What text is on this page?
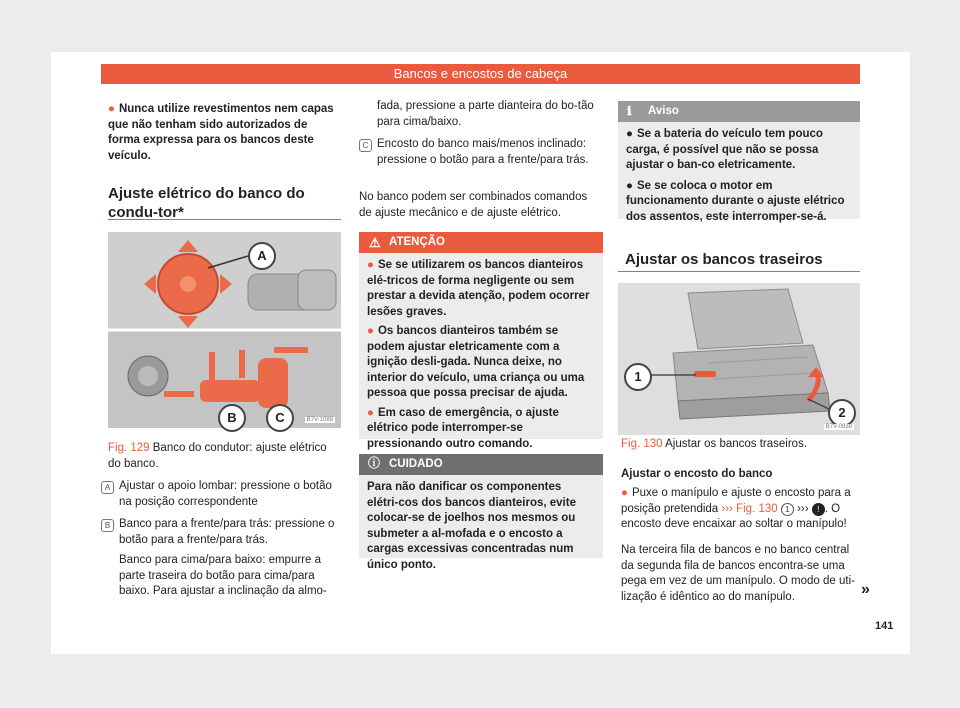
Bancos e encostos de cabeça
● Nunca utilize revestimentos nem capas que não tenham sido autorizados de forma expressa para os bancos deste veículo.
Ajuste elétrico do banco do condu-tor*
A
B	C	B7V-1088
Fig. 129 Banco do condutor: ajuste elétrico do banco.
A Ajustar o apoio lombar: pressione o botão na posição correspondente
B Banco para a frente/para trás: pressione o botão para a frente/para trás.
Banco para cima/para baixo: empurre a parte traseira do botão para cima/para baixo. Para ajustar a inclinação da almo-
fada, pressione a parte dianteira do bo-tão para cima/baixo.
C Encosto do banco mais/menos inclinado: pressione o botão para a frente/para trás.
No banco podem ser combinados comandos de ajuste mecânico e de ajuste elétrico.
⚠ ATENÇÃO
● Se se utilizarem os bancos dianteiros elé-tricos de forma negligente ou sem prestar a devida atenção, podem ocorrer lesões graves.
● Os bancos dianteiros também se podem ajustar eletricamente com a ignição desli-gada. Nunca deixe, no interior do veículo, uma criança ou uma pessoa que possa precisar de ajuda.
● Em caso de emergência, o ajuste elétrico pode interromper-se pressionando outro comando.
ⓘ CUIDADO
Para não danificar os componentes elétri-cos dos bancos dianteiros, evite colocar-se de joelhos nos mesmos ou submeter a al-mofada e o encosto a cargas excessivas concentradas num único ponto.
ℹ Aviso
● Se a bateria do veículo tem pouco carga, é possível que não se possa ajustar o ban-co eletricamente.
● Se se coloca o motor em funcionamento durante o ajuste elétrico dos assentos, este interromper-se-á.
Ajustar os bancos traseiros
1
2
B7V-0939
Fig. 130 Ajustar os bancos traseiros.
Ajustar o encosto do banco
● Puxe o manípulo e ajuste o encosto para a posição pretendida ››› Fig. 130 1 ››› ! . O encosto deve encaixar ao soltar o manípulo!
Na terceira fila de bancos e no banco central da segunda fila de bancos encontra-se uma pega em vez de um manípulo. O modo de uti-lização é idêntico ao do manípulo.	»
141
